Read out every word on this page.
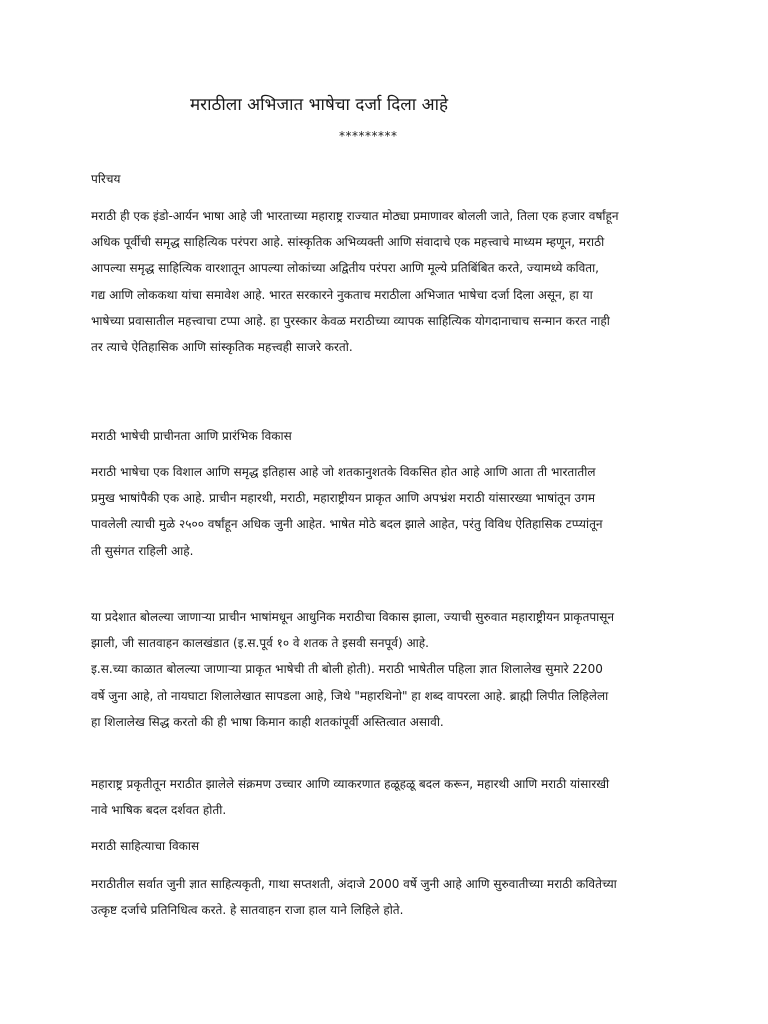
मराठीला अभिजात भाषेचा दर्जा दिला आहे
*********
परिचय
मराठी ही एक इंडो-आर्यन भाषा आहे जी भारताच्या महाराष्ट्र राज्यात मोठ्या प्रमाणावर बोलली जाते, तिला एक हजार वर्षांहून
अधिक पूर्वीची समृद्ध साहित्यिक परंपरा आहे. सांस्कृतिक अभिव्यक्ती आणि संवादाचे एक महत्त्वाचे माध्यम म्हणून, मराठी
आपल्या समृद्ध साहित्यिक वारशातून आपल्या लोकांच्या अद्वितीय परंपरा आणि मूल्ये प्रतिबिंबित करते, ज्यामध्ये कविता,
गद्य आणि लोककथा यांचा समावेश आहे. भारत सरकारने नुकताच मराठीला अभिजात भाषेचा दर्जा दिला असून, हा या
भाषेच्या प्रवासातील महत्त्वाचा टप्पा आहे. हा पुरस्कार केवळ मराठीच्या व्यापक साहित्यिक योगदानाचाच सन्मान करत नाही
तर त्याचे ऐतिहासिक आणि सांस्कृतिक महत्त्वही साजरे करतो.
मराठी भाषेची प्राचीनता आणि प्रारंभिक विकास
मराठी भाषेचा एक विशाल आणि समृद्ध इतिहास आहे जो शतकानुशतके विकसित होत आहे आणि आता ती भारतातील
प्रमुख भाषांपैकी एक आहे. प्राचीन महारथी, मराठी, महाराष्ट्रीयन प्राकृत आणि अपभ्रंश मराठी यांसारख्या भाषांतून उगम
पावलेली त्याची मुळे २५०० वर्षांहून अधिक जुनी आहेत. भाषेत मोठे बदल झाले आहेत, परंतु विविध ऐतिहासिक टप्प्यांतून
ती सुसंगत राहिली आहे.
या प्रदेशात बोलल्या जाणाऱ्या प्राचीन भाषांमधून आधुनिक मराठीचा विकास झाला, ज्याची सुरुवात महाराष्ट्रीयन प्राकृतपासून
झाली, जी सातवाहन कालखंडात (इ.स.पूर्व १० वे शतक ते इसवी सनपूर्व) आहे.
इ.स.च्या काळात बोलल्या जाणाऱ्या प्राकृत भाषेची ती बोली होती). मराठी भाषेतील पहिला ज्ञात शिलालेख सुमारे 2200
वर्षे जुना आहे, तो नायघाटा शिलालेखात सापडला आहे, जिथे "महारथिनो" हा शब्द वापरला आहे. ब्राह्मी लिपीत लिहिलेला
हा शिलालेख सिद्ध करतो की ही भाषा किमान काही शतकांपूर्वी अस्तित्वात असावी.
महाराष्ट्र प्रकृतीतून मराठीत झालेले संक्रमण उच्चार आणि व्याकरणात हळूहळू बदल करून, महारथी आणि मराठी यांसारखी
नावे भाषिक बदल दर्शवत होती.
मराठी साहित्याचा विकास
मराठीतील सर्वात जुनी ज्ञात साहित्यकृती, गाथा सप्तशती, अंदाजे 2000 वर्षे जुनी आहे आणि सुरुवातीच्या मराठी कवितेच्या
उत्कृष्ट दर्जाचे प्रतिनिधित्व करते. हे सातवाहन राजा हाल याने लिहिले होते.
